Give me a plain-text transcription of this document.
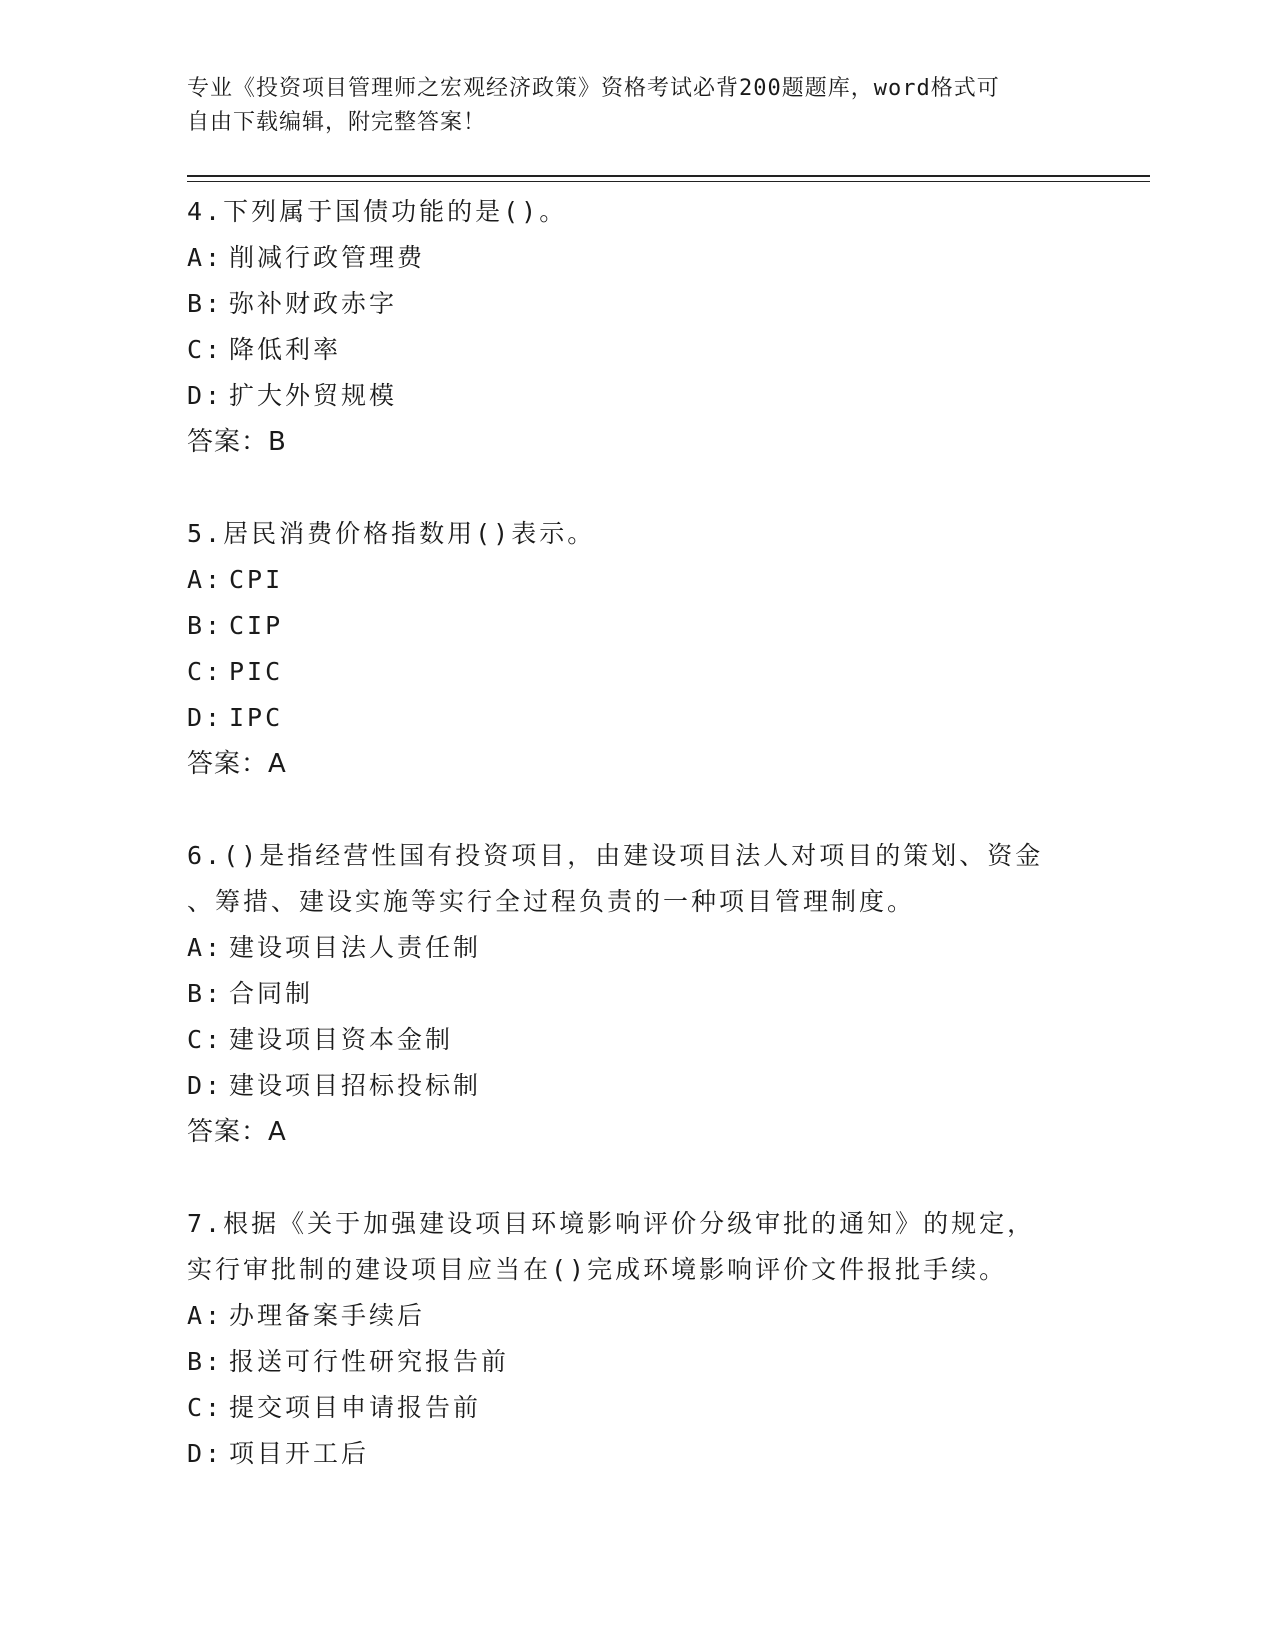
专业《投资项目管理师之宏观经济政策》资格考试必背200题题库，word格式可
自由下载编辑，附完整答案！
4.下列属于国债功能的是()。
A: 削减行政管理费
B: 弥补财政赤字
C: 降低利率
D: 扩大外贸规模
答案：B
5.居民消费价格指数用()表示。
A: CPI
B: CIP
C: PIC
D: IPC
答案：A
6.()是指经营性国有投资项目，由建设项目法人对项目的策划、资金
、筹措、建设实施等实行全过程负责的一种项目管理制度。
A: 建设项目法人责任制
B: 合同制
C: 建设项目资本金制
D: 建设项目招标投标制
答案：A
7.根据《关于加强建设项目环境影响评价分级审批的通知》的规定，
实行审批制的建设项目应当在()完成环境影响评价文件报批手续。
A: 办理备案手续后
B: 报送可行性研究报告前
C: 提交项目申请报告前
D: 项目开工后
